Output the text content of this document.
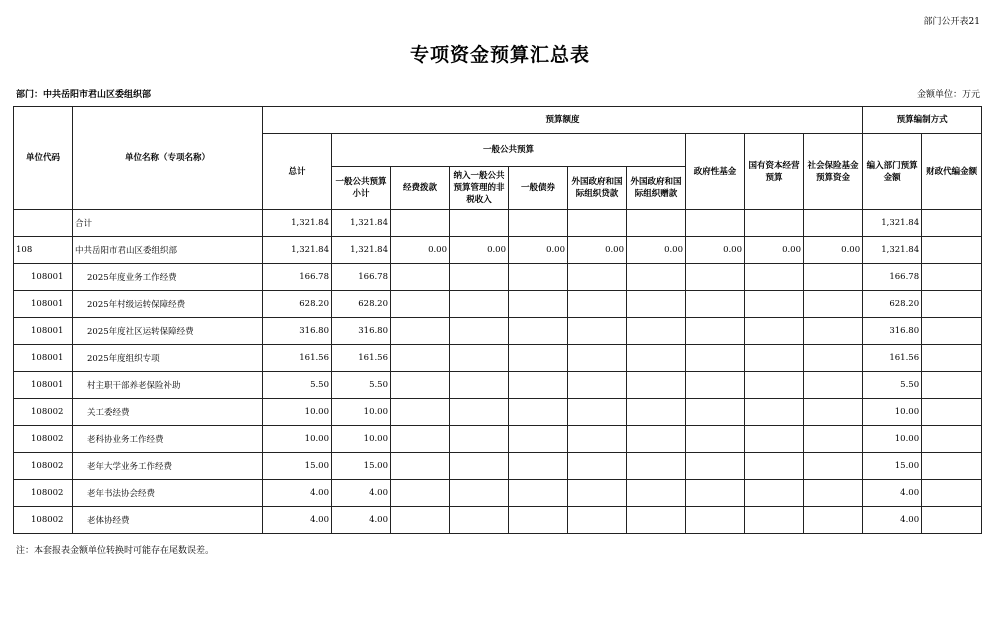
部门公开表21
专项资金预算汇总表
部门：中共岳阳市君山区委组织部	金额单位：万元
单位代码	单位名称（专项名称）	预算额度										预算编制方式	
		总计	一般公共预算						政府性基金	国有资本经营预算	社会保险基金预算资金	编入部门预算金额	财政代编金额
			一般公共预算小计	经费拨款	纳入一般公共预算管理的非税收入	一般债券	外国政府和国际组织贷款	外国政府和国际组织赠款					
	合计	1,321.84	1,321.84									1,321.84	
108	中共岳阳市君山区委组织部	1,321.84	1,321.84	0.00	0.00	0.00	0.00	0.00	0.00	0.00	0.00	1,321.84	
108001	2025年度业务工作经费	166.78	166.78									166.78	
108001	2025年村级运转保障经费	628.20	628.20									628.20	
108001	2025年度社区运转保障经费	316.80	316.80									316.80	
108001	2025年度组织专项	161.56	161.56									161.56	
108001	村主职干部养老保险补助	5.50	5.50									5.50	
108002	关工委经费	10.00	10.00									10.00	
108002	老科协业务工作经费	10.00	10.00									10.00	
108002	老年大学业务工作经费	15.00	15.00									15.00	
108002	老年书法协会经费	4.00	4.00									4.00	
108002	老体协经费	4.00	4.00									4.00	
注：本套报表金额单位转换时可能存在尾数误差。
